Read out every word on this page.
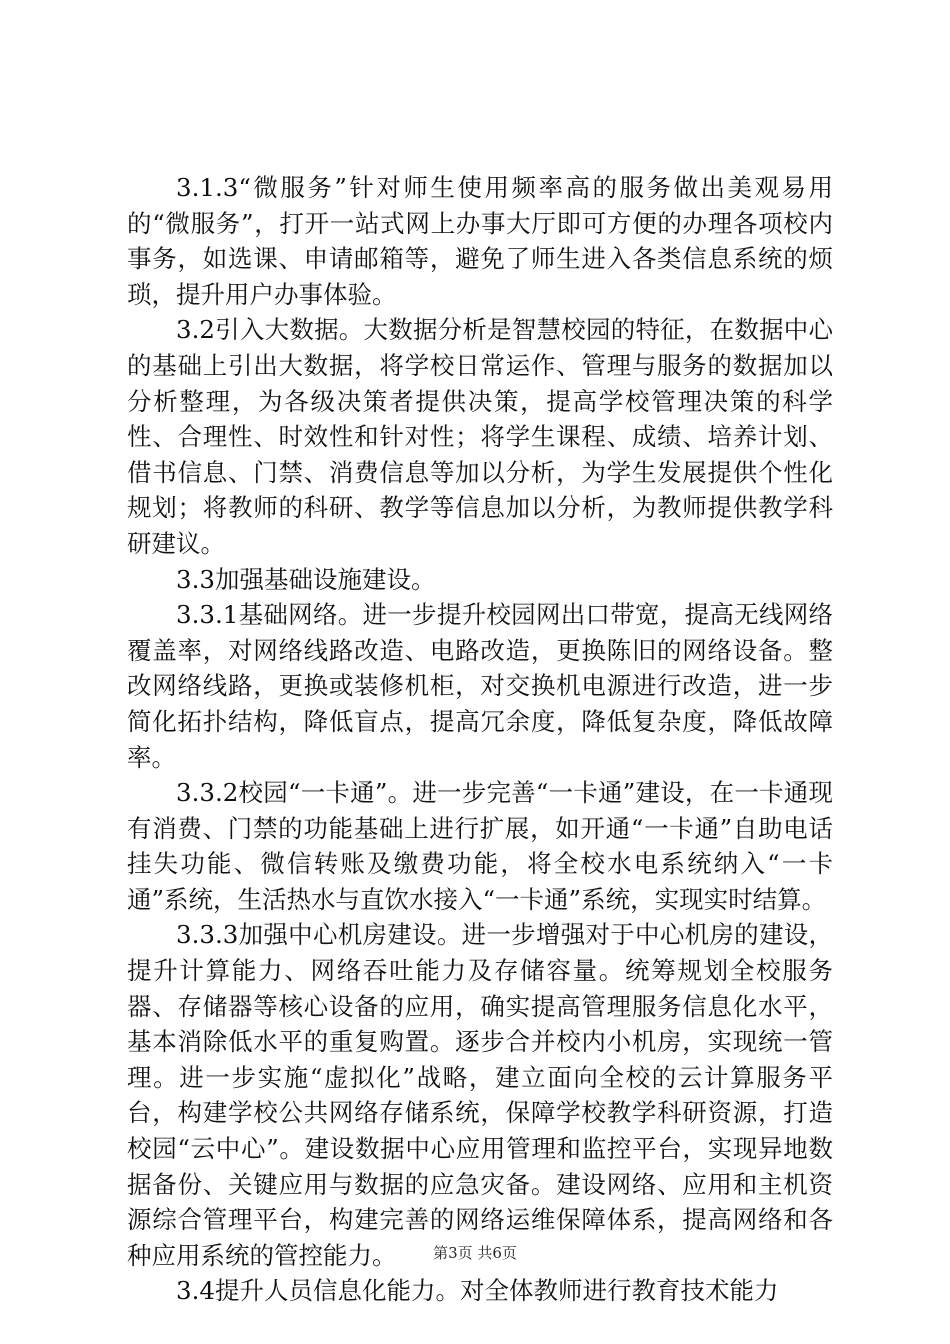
3.1.3“微服务”针对师生使用频率高的服务做出美观易用的“微服务”，打开一站式网上办事大厅即可方便的办理各项校内事务，如选课、申请邮箱等，避免了师生进入各类信息系统的烦琐，提升用户办事体验。

3.2引入大数据。大数据分析是智慧校园的特征，在数据中心的基础上引出大数据，将学校日常运作、管理与服务的数据加以分析整理，为各级决策者提供决策，提高学校管理决策的科学性、合理性、时效性和针对性；将学生课程、成绩、培养计划、借书信息、门禁、消费信息等加以分析，为学生发展提供个性化规划；将教师的科研、教学等信息加以分析，为教师提供教学科研建议。

3.3加强基础设施建设。

3.3.1基础网络。进一步提升校园网出口带宽，提高无线网络覆盖率，对网络线路改造、电路改造，更换陈旧的网络设备。整改网络线路，更换或装修机柜，对交换机电源进行改造，进一步简化拓扑结构，降低盲点，提高冗余度，降低复杂度，降低故障率。

3.3.2校园“一卡通”。进一步完善“一卡通”建设，在一卡通现有消费、门禁的功能基础上进行扩展，如开通“一卡通”自助电话挂失功能、微信转账及缴费功能，将全校水电系统纳入“一卡通”系统，生活热水与直饮水接入“一卡通”系统，实现实时结算。

3.3.3加强中心机房建设。进一步增强对于中心机房的建设，提升计算能力、网络吞吐能力及存储容量。统筹规划全校服务器、存储器等核心设备的应用，确实提高管理服务信息化水平，基本消除低水平的重复购置。逐步合并校内小机房，实现统一管理。进一步实施“虚拟化”战略，建立面向全校的云计算服务平台，构建学校公共网络存储系统，保障学校教学科研资源，打造校园“云中心”。建设数据中心应用管理和监控平台，实现异地数据备份、关键应用与数据的应急灾备。建设网络、应用和主机资源综合管理平台，构建完善的网络运维保障体系，提高网络和各种应用系统的管控能力。

3.4提升人员信息化能力。对全体教师进行教育技术能力

第3页 共6页
